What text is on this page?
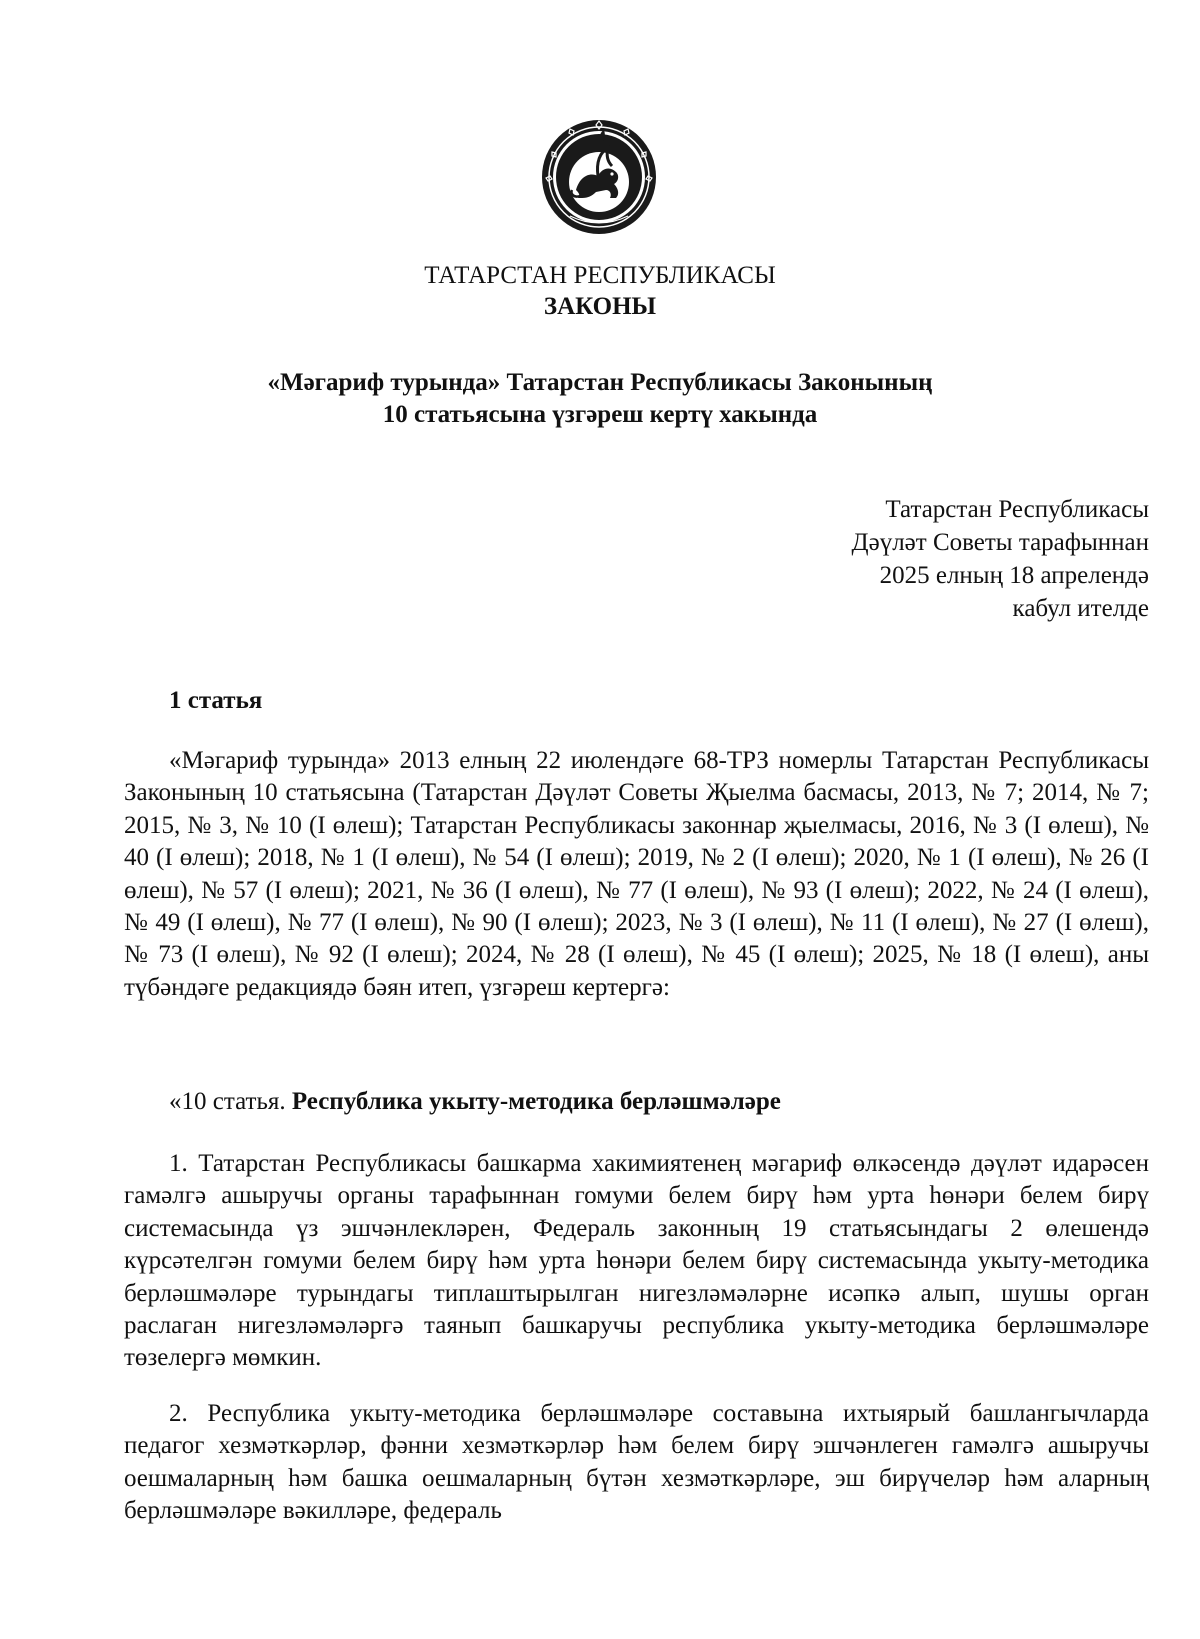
ТАТАРСТАН РЕСПУБЛИКАСЫ
ЗАКОНЫ
«Мәгариф турында» Татарстан Республикасы Законының
10 статьясына үзгәреш кертү хакында
Татарстан Республикасы
Дәүләт Советы тарафыннан
2025 елның 18 апрелендә
кабул ителде
1 статья

«Мәгариф турында» 2013 елның 22 июлендәге 68-ТРЗ номерлы Татарстан Республикасы Законының 10 статьясына (Татарстан Дәүләт Советы Җыелма басмасы, 2013, № 7; 2014, № 7; 2015, № 3, № 10 (I өлеш); Татарстан Республикасы законнар җыелмасы, 2016, № 3 (I өлеш), № 40 (I өлеш); 2018, № 1 (I өлеш), № 54 (I өлеш); 2019, № 2 (I өлеш); 2020, № 1 (I өлеш), № 26 (I өлеш), № 57 (I өлеш); 2021, № 36 (I өлеш), № 77 (I өлеш), № 93 (I өлеш); 2022, № 24 (I өлеш), № 49 (I өлеш), № 77 (I өлеш), № 90 (I өлеш); 2023, № 3 (I өлеш), № 11 (I өлеш), № 27 (I өлеш), № 73 (I өлеш), № 92 (I өлеш); 2024, № 28 (I өлеш), № 45 (I өлеш); 2025, № 18 (I өлеш), аны түбәндәге редакциядә бәян итеп, үзгәреш кертергә:

«10 статья. Республика укыту-методика берләшмәләре

1. Татарстан Республикасы башкарма хакимиятенең мәгариф өлкәсендә дәүләт идарәсен гамәлгә ашыручы органы тарафыннан гомуми белем бирү һәм урта һөнәри белем бирү системасында үз эшчәнлекләрен, Федераль законның 19 статьясындагы 2 өлешендә күрсәтелгән гомуми белем бирү һәм урта һөнәри белем бирү системасында укыту-методика берләшмәләре турындагы типлаштырылган нигезләмәләрне исәпкә алып, шушы орган раслаган нигезләмәләргә таянып башкаручы республика укыту-методика берләшмәләре төзелергә мөмкин.

2. Республика укыту-методика берләшмәләре составына ихтыярый башлангычларда педагог хезмәткәрләр, фәнни хезмәткәрләр һәм белем бирү эшчәнлеген гамәлгә ашыручы оешмаларның һәм башка оешмаларның бүтән хезмәткәрләре, эш бирүчеләр һәм аларның берләшмәләре вәкилләре, федераль
